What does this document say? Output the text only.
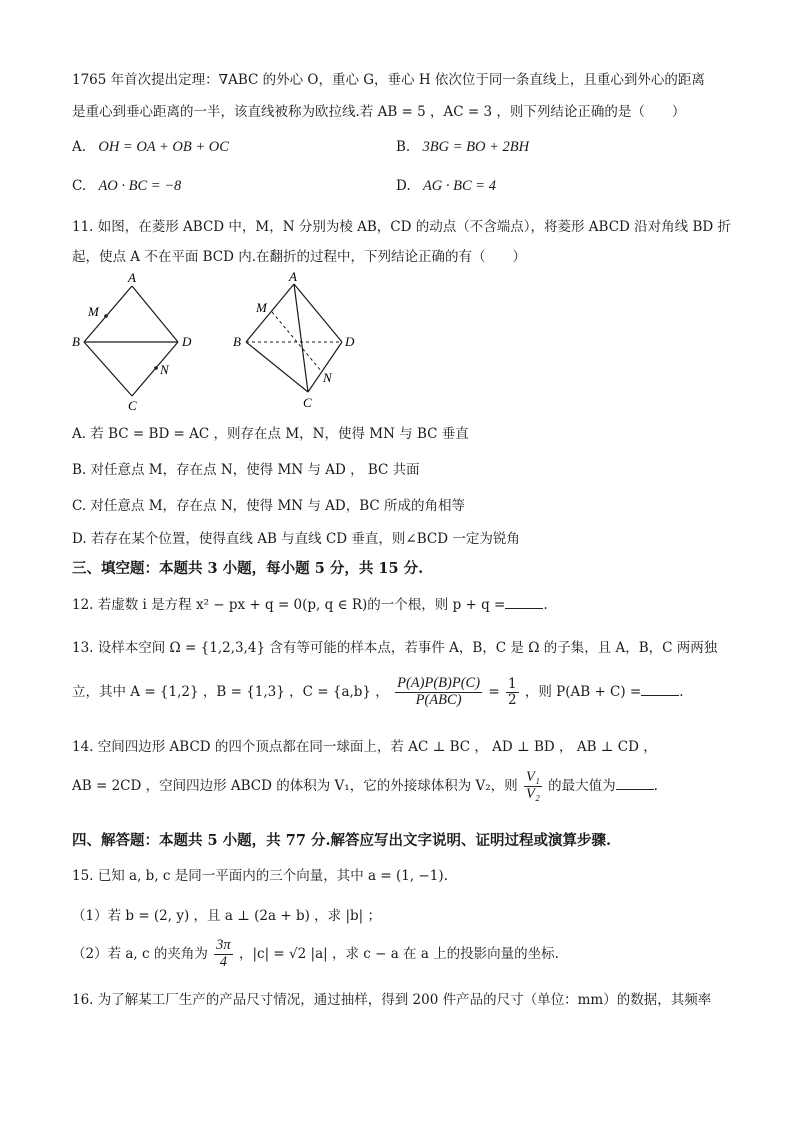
1765 年首次提出定理：∇ABC 的外心 O，重心 G，垂心 H 依次位于同一条直线上，且重心到外心的距离
是重心到垂心距离的一半，该直线被称为欧拉线.若 AB = 5 ，AC = 3 ，则下列结论正确的是（　　）
A. OH = OA + OB + OC	B. 3BG = BO + 2BH
C. AO · BC = −8	D. AG · BC = 4
11. 如图，在菱形 ABCD 中，M，N 分别为棱 AB，CD 的动点（不含端点），将菱形 ABCD 沿对角线 BD 折
起，使点 A 不在平面 BCD 内.在翻折的过程中，下列结论正确的有（　　）
A
B	D
C
M
N
A
M
B	D
N
C
A. 若 BC = BD = AC ，则存在点 M，N，使得 MN 与 BC 垂直
B. 对任意点 M，存在点 N，使得 MN 与 AD ， BC 共面
C. 对任意点 M，存在点 N，使得 MN 与 AD，BC 所成的角相等
D. 若存在某个位置，使得直线 AB 与直线 CD 垂直，则∠BCD 一定为锐角
三、填空题：本题共 3 小题，每小题 5 分，共 15 分.
12. 若虚数 i 是方程 x² − px + q = 0(p, q ∈ R)的一个根，则 p + q =	.
13. 设样本空间 Ω = {1,2,3,4} 含有等可能的样本点，若事件 A，B，C 是 Ω 的子集，且 A，B，C 两两独
立，其中 A = {1,2} ，B = {1,3} ，C = {a,b} ， $\frac{P(A)P(B)P(C)}{\text{P(ABC)}} = \frac{1}{2}$ ，则 P(AB + C) =	.
14. 空间四边形 ABCD 的四个顶点都在同一球面上，若 AC ⊥ BC ， AD ⊥ BD ， AB ⊥ CD ，
AB = 2CD ，空间四边形 ABCD 的体积为 V₁，它的外接球体积为 V₂，则 $\frac{\text{V₁}}{\text{V₂}}$ 的最大值为	.
四、解答题：本题共 5 小题，共 77 分.解答应写出文字说明、证明过程或演算步骤.
15. 已知 a, b, c 是同一平面内的三个向量，其中 a = (1, −1).
（1）若 b = (2, y) ，且 a ⊥ (2a + b) ，求 |b| ；
（2）若 a, c 的夹角为 $\frac{3\pi}{4}$ ，|c| = √2 |a| ，求 c − a 在 a 上的投影向量的坐标.
16. 为了解某工厂生产的产品尺寸情况，通过抽样，得到 200 件产品的尺寸（单位：mm）的数据，其频率
